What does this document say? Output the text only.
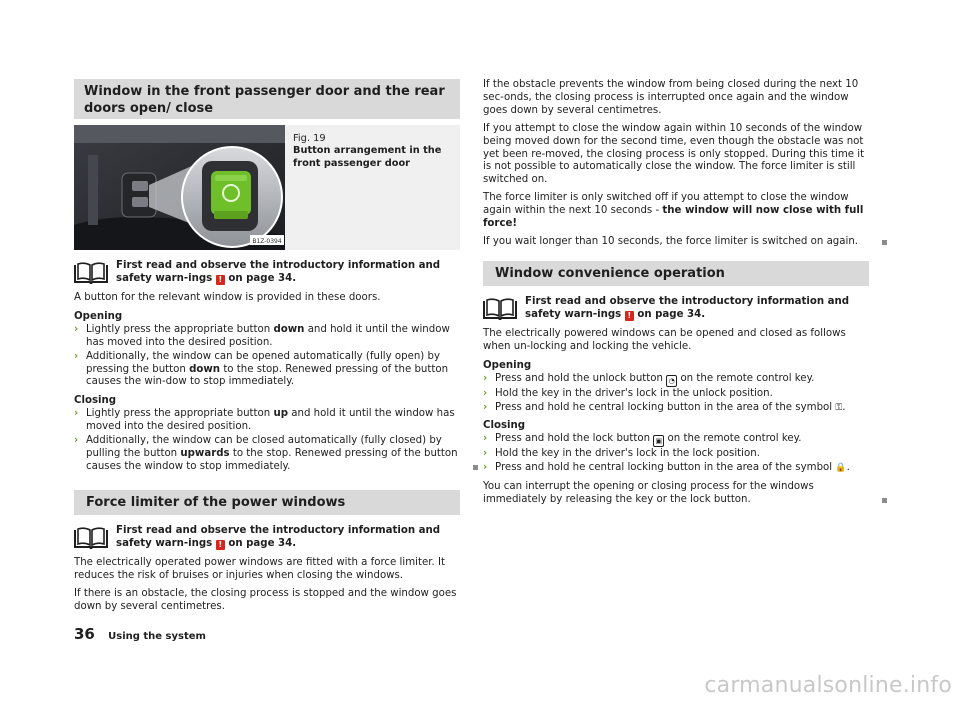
Window in the front passenger door and the rear doors open/ close
B1Z-0394
Fig. 19
Button arrangement in the front passenger door
First read and observe the introductory information and safety warn-ings ! on page 34.

A button for the relevant window is provided in these doors.

Opening
› Lightly press the appropriate button down and hold it until the window has moved into the desired position.
› Additionally, the window can be opened automatically (fully open) by pressing the button down to the stop. Renewed pressing of the button causes the win-dow to stop immediately.
Closing
› Lightly press the appropriate button up and hold it until the window has moved into the desired position.
› Additionally, the window can be closed automatically (fully closed) by pulling the button upwards to the stop. Renewed pressing of the button causes the window to stop immediately.
Force limiter of the power windows
First read and observe the introductory information and safety warn-ings ! on page 34.

The electrically operated power windows are fitted with a force limiter. It reduces the risk of bruises or injuries when closing the windows.

If there is an obstacle, the closing process is stopped and the window goes down by several centimetres.

If the obstacle prevents the window from being closed during the next 10 sec-onds, the closing process is interrupted once again and the window goes down by several centimetres.

If you attempt to close the window again within 10 seconds of the window being moved down for the second time, even though the obstacle was not yet been re-moved, the closing process is only stopped. During this time it is not possible to automatically close the window. The force limiter is still switched on.

The force limiter is only switched off if you attempt to close the window again within the next 10 seconds - the window will now close with full force!

If you wait longer than 10 seconds, the force limiter is switched on again.

Window convenience operation
First read and observe the introductory information and safety warn-ings ! on page 34.

The electrically powered windows can be opened and closed as follows when un-locking and locking the vehicle.

Opening
› Press and hold the unlock button ◔ on the remote control key.
› Hold the key in the driver's lock in the unlock position.
› Press and hold he central locking button in the area of the symbol ⚿.
Closing
› Press and hold the lock button ▣ on the remote control key.
› Hold the key in the driver's lock in the lock position.
› Press and hold he central locking button in the area of the symbol 🔒.

You can interrupt the opening or closing process for the windows immediately by releasing the key or the lock button.

36 Using the system
carmanualsonline.info
